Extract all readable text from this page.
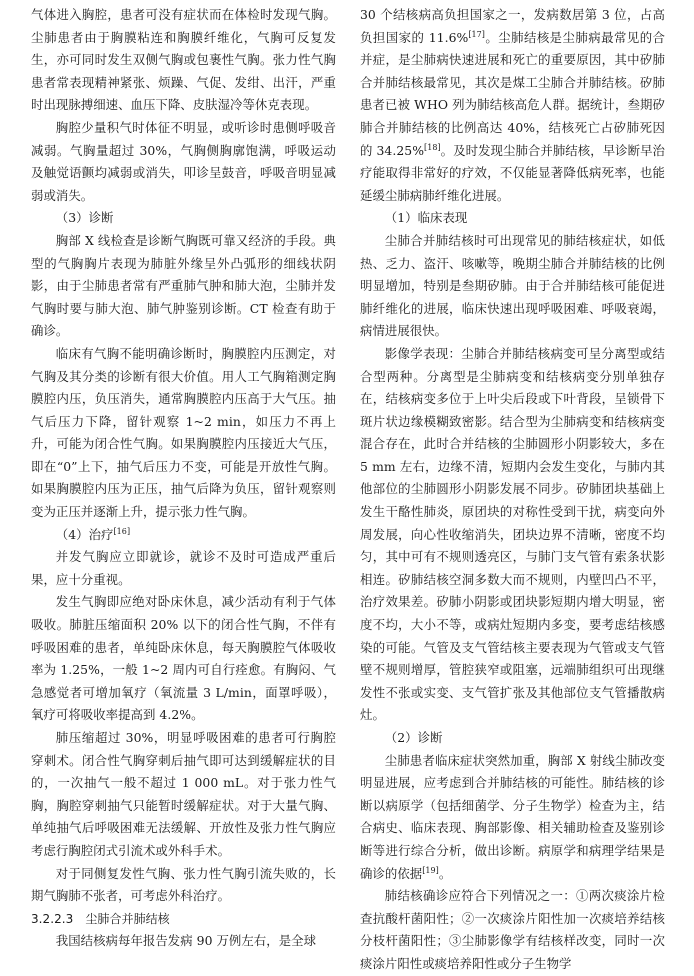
气体进入胸腔，患者可没有症状而在体检时发现气胸。尘肺患者由于胸膜粘连和胸膜纤维化，气胸可反复发生，亦可同时发生双侧气胸或包裹性气胸。张力性气胸患者常表现精神紧张、烦躁、气促、发绀、出汗，严重时出现脉搏细速、血压下降、皮肤湿冷等休克表现。

胸腔少量积气时体征不明显，或听诊时患侧呼吸音减弱。气胸量超过 30%，气胸侧胸廓饱满，呼吸运动及触觉语颤均减弱或消失，叩诊呈鼓音，呼吸音明显减弱或消失。

（3）诊断

胸部 X 线检查是诊断气胸既可靠又经济的手段。典型的气胸胸片表现为肺脏外缘呈外凸弧形的细线状阴影，由于尘肺患者常有严重肺气肿和肺大泡，尘肺并发气胸时要与肺大泡、肺气肿鉴别诊断。CT 检查有助于确诊。

临床有气胸不能明确诊断时，胸膜腔内压测定，对气胸及其分类的诊断有很大价值。用人工气胸箱测定胸膜腔内压，负压消失，通常胸膜腔内压高于大气压。抽气后压力下降，留针观察 1~2 min，如压力不再上升，可能为闭合性气胸。如果胸膜腔内压接近大气压，即在“0”上下，抽气后压力不变，可能是开放性气胸。如果胸膜腔内压为正压，抽气后降为负压，留针观察则变为正压并逐渐上升，提示张力性气胸。

（4）治疗[16]

并发气胸应立即就诊，就诊不及时可造成严重后果，应十分重视。

发生气胸即应绝对卧床休息，减少活动有利于气体吸收。肺脏压缩面积 20% 以下的闭合性气胸，不伴有呼吸困难的患者，单纯卧床休息，每天胸膜腔气体吸收率为 1.25%，一般 1~2 周内可自行痊愈。有胸闷、气急感觉者可增加氧疗（氧流量 3 L/min，面罩呼吸），氧疗可将吸收率提高到 4.2%。

肺压缩超过 30%，明显呼吸困难的患者可行胸腔穿刺术。闭合性气胸穿刺后抽气即可达到缓解症状的目的，一次抽气一般不超过 1 000 mL。对于张力性气胸，胸腔穿刺抽气只能暂时缓解症状。对于大量气胸、单纯抽气后呼吸困难无法缓解、开放性及张力性气胸应考虑行胸腔闭式引流术或外科手术。

对于同侧复发性气胸、张力性气胸引流失败的，长期气胸肺不张者，可考虑外科治疗。

3.2.2.3　尘肺合并肺结核

我国结核病每年报告发病 90 万例左右，是全球

30 个结核病高负担国家之一，发病数居第 3 位，占高负担国家的 11.6%[17]。尘肺结核是尘肺病最常见的合并症，是尘肺病快速进展和死亡的重要原因，其中矽肺合并肺结核最常见，其次是煤工尘肺合并肺结核。矽肺患者已被 WHO 列为肺结核高危人群。据统计，叁期矽肺合并肺结核的比例高达 40%，结核死亡占矽肺死因的 34.25%[18]。及时发现尘肺合并肺结核，早诊断早治疗能取得非常好的疗效，不仅能显著降低病死率，也能延缓尘肺病肺纤维化进展。

（1）临床表现

尘肺合并肺结核时可出现常见的肺结核症状，如低热、乏力、盗汗、咳嗽等，晚期尘肺合并肺结核的比例明显增加，特别是叁期矽肺。由于合并肺结核可能促进肺纤维化的进展，临床快速出现呼吸困难、呼吸衰竭，病情进展很快。

影像学表现：尘肺合并肺结核病变可呈分离型或结合型两种。分离型是尘肺病变和结核病变分别单独存在，结核病变多位于上叶尖后段或下叶背段，呈锁骨下斑片状边缘模糊致密影。结合型为尘肺病变和结核病变混合存在，此时合并结核的尘肺圆形小阴影较大，多在 5 mm 左右，边缘不清，短期内会发生变化，与肺内其他部位的尘肺圆形小阴影发展不同步。矽肺团块基础上发生干酪性肺炎，原团块的对称性受到干扰，病变向外周发展，向心性收缩消失，团块边界不清晰，密度不均匀，其中可有不规则透亮区，与肺门支气管有索条状影相连。矽肺结核空洞多数大而不规则，内壁凹凸不平，治疗效果差。矽肺小阴影或团块影短期内增大明显，密度不均，大小不等，或病灶短期内多变，要考虑结核感染的可能。气管及支气管结核主要表现为气管或支气管壁不规则增厚，管腔狭窄或阻塞，远端肺组织可出现继发性不张或实变、支气管扩张及其他部位支气管播散病灶。

（2）诊断

尘肺患者临床症状突然加重，胸部 X 射线尘肺改变明显进展，应考虑到合并肺结核的可能性。肺结核的诊断以病原学（包括细菌学、分子生物学）检查为主，结合病史、临床表现、胸部影像、相关辅助检查及鉴别诊断等进行综合分析，做出诊断。病原学和病理学结果是确诊的依据[19]。

肺结核确诊应符合下列情况之一：①两次痰涂片检查抗酸杆菌阳性；②一次痰涂片阳性加一次痰培养结核分枝杆菌阳性；③尘肺影像学有结核样改变，同时一次痰涂片阳性或痰培养阳性或分子生物学
